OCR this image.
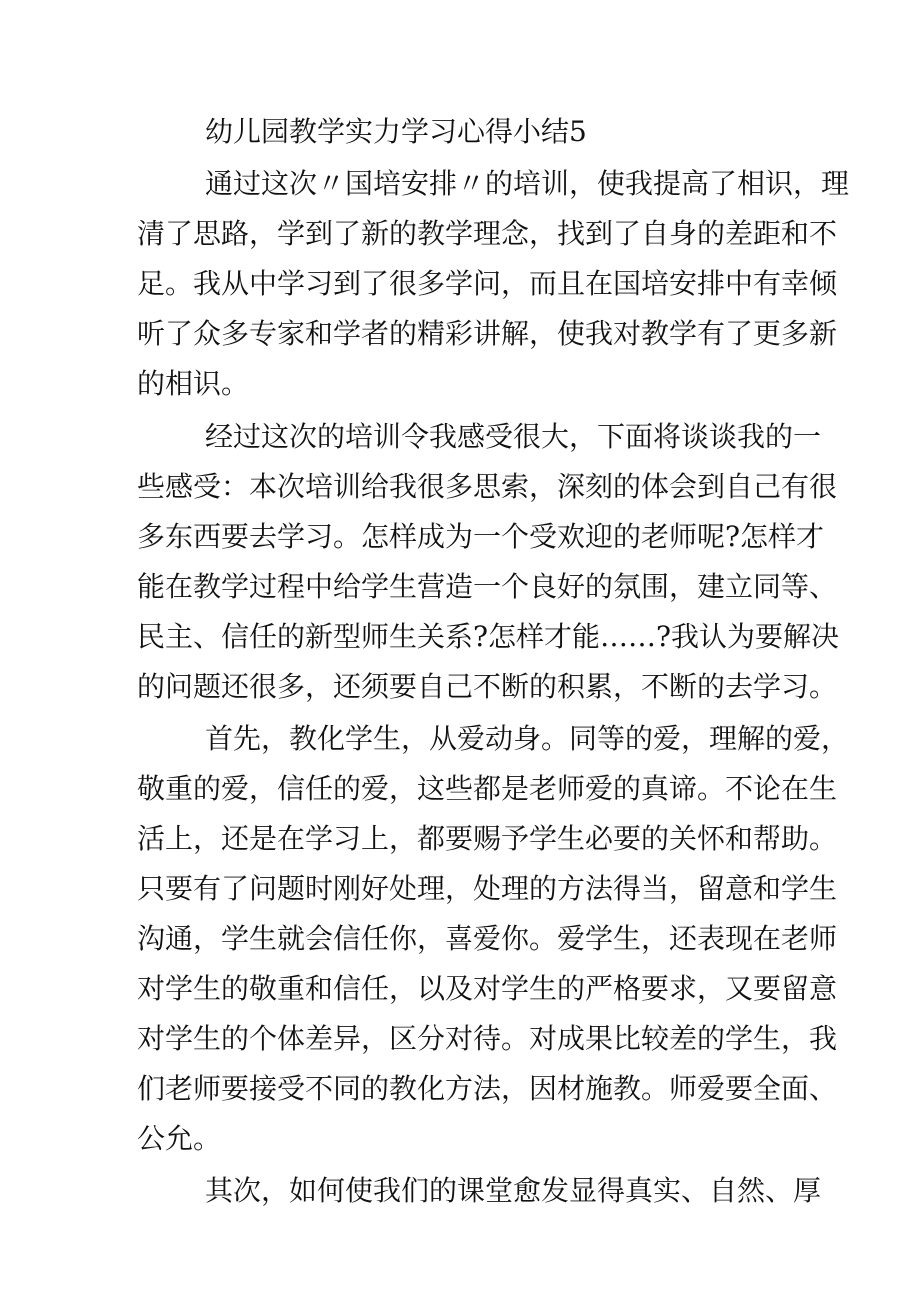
幼儿园教学实力学习心得小结5
通过这次〃国培安排〃的培训，使我提高了相识，理
清了思路，学到了新的教学理念，找到了自身的差距和不
足。我从中学习到了很多学问，而且在国培安排中有幸倾
听了众多专家和学者的精彩讲解，使我对教学有了更多新
的相识。
经过这次的培训令我感受很大，下面将谈谈我的一
些感受：本次培训给我很多思索，深刻的体会到自己有很
多东西要去学习。怎样成为一个受欢迎的老师呢?怎样才
能在教学过程中给学生营造一个良好的氛围，建立同等、
民主、信任的新型师生关系?怎样才能……?我认为要解决
的问题还很多，还须要自己不断的积累，不断的去学习。
首先，教化学生，从爱动身。同等的爱，理解的爱，
敬重的爱，信任的爱，这些都是老师爱的真谛。不论在生
活上，还是在学习上，都要赐予学生必要的关怀和帮助。
只要有了问题时刚好处理，处理的方法得当，留意和学生
沟通，学生就会信任你，喜爱你。爱学生，还表现在老师
对学生的敬重和信任，以及对学生的严格要求，又要留意
对学生的个体差异，区分对待。对成果比较差的学生，我
们老师要接受不同的教化方法，因材施教。师爱要全面、
公允。
其次，如何使我们的课堂愈发显得真实、自然、厚
